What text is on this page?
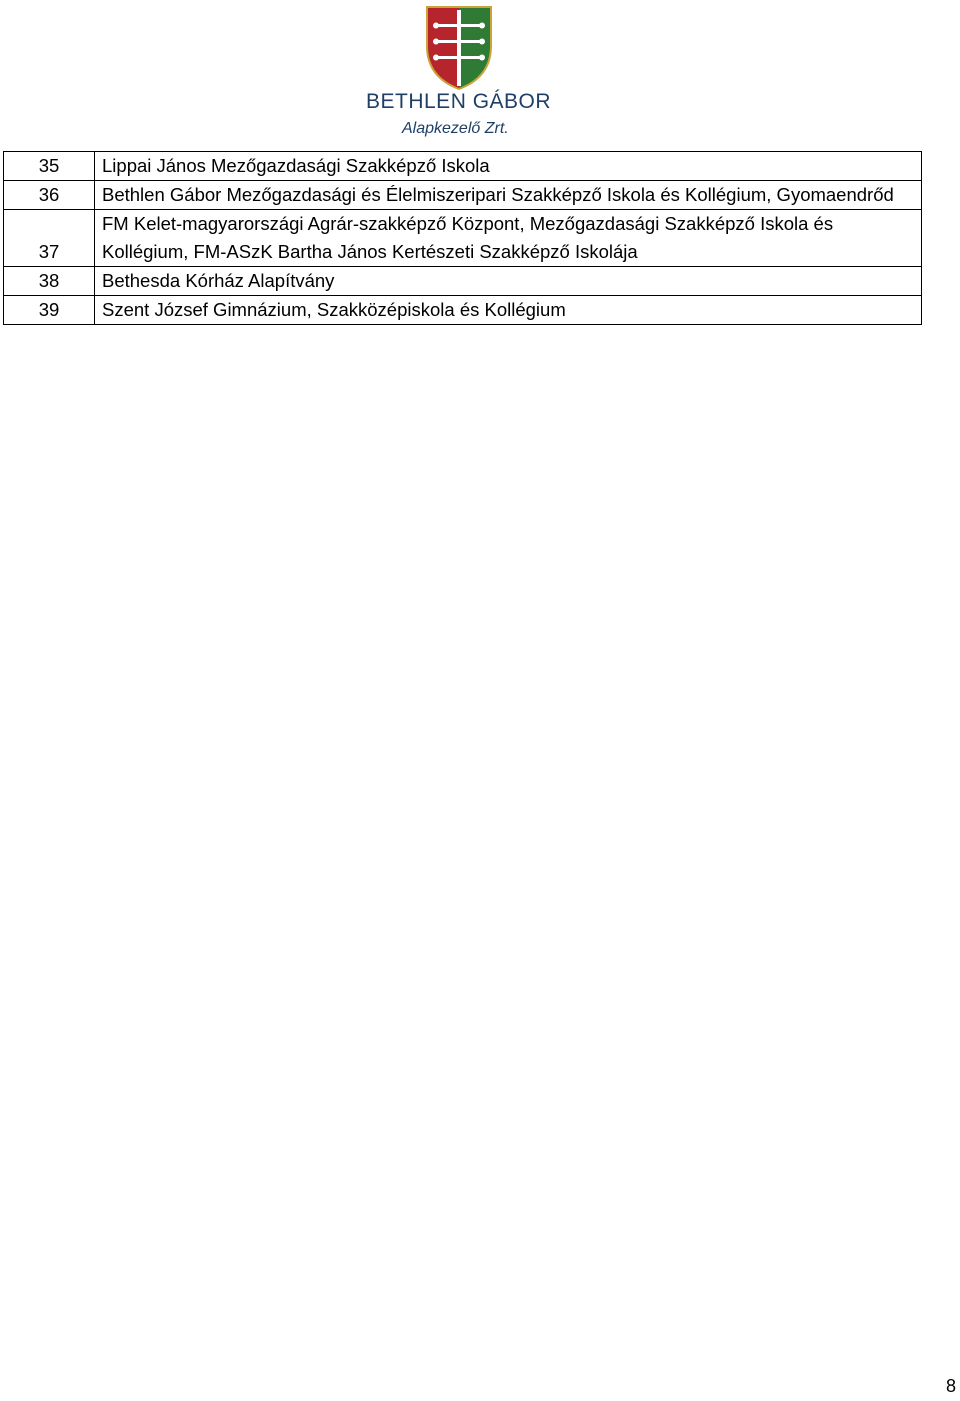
BETHLEN GÁBOR
Alapkezelő Zrt.
35	Lippai János Mezőgazdasági Szakképző Iskola
36	Bethlen Gábor Mezőgazdasági és Élelmiszeripari Szakképző Iskola és Kollégium, Gyomaendrőd
37	FM Kelet-magyarországi Agrár-szakképző Központ, Mezőgazdasági Szakképző Iskola és Kollégium, FM-ASzK Bartha János Kertészeti Szakképző Iskolája
38	Bethesda Kórház Alapítvány
39	Szent József Gimnázium, Szakközépiskola és Kollégium
8
